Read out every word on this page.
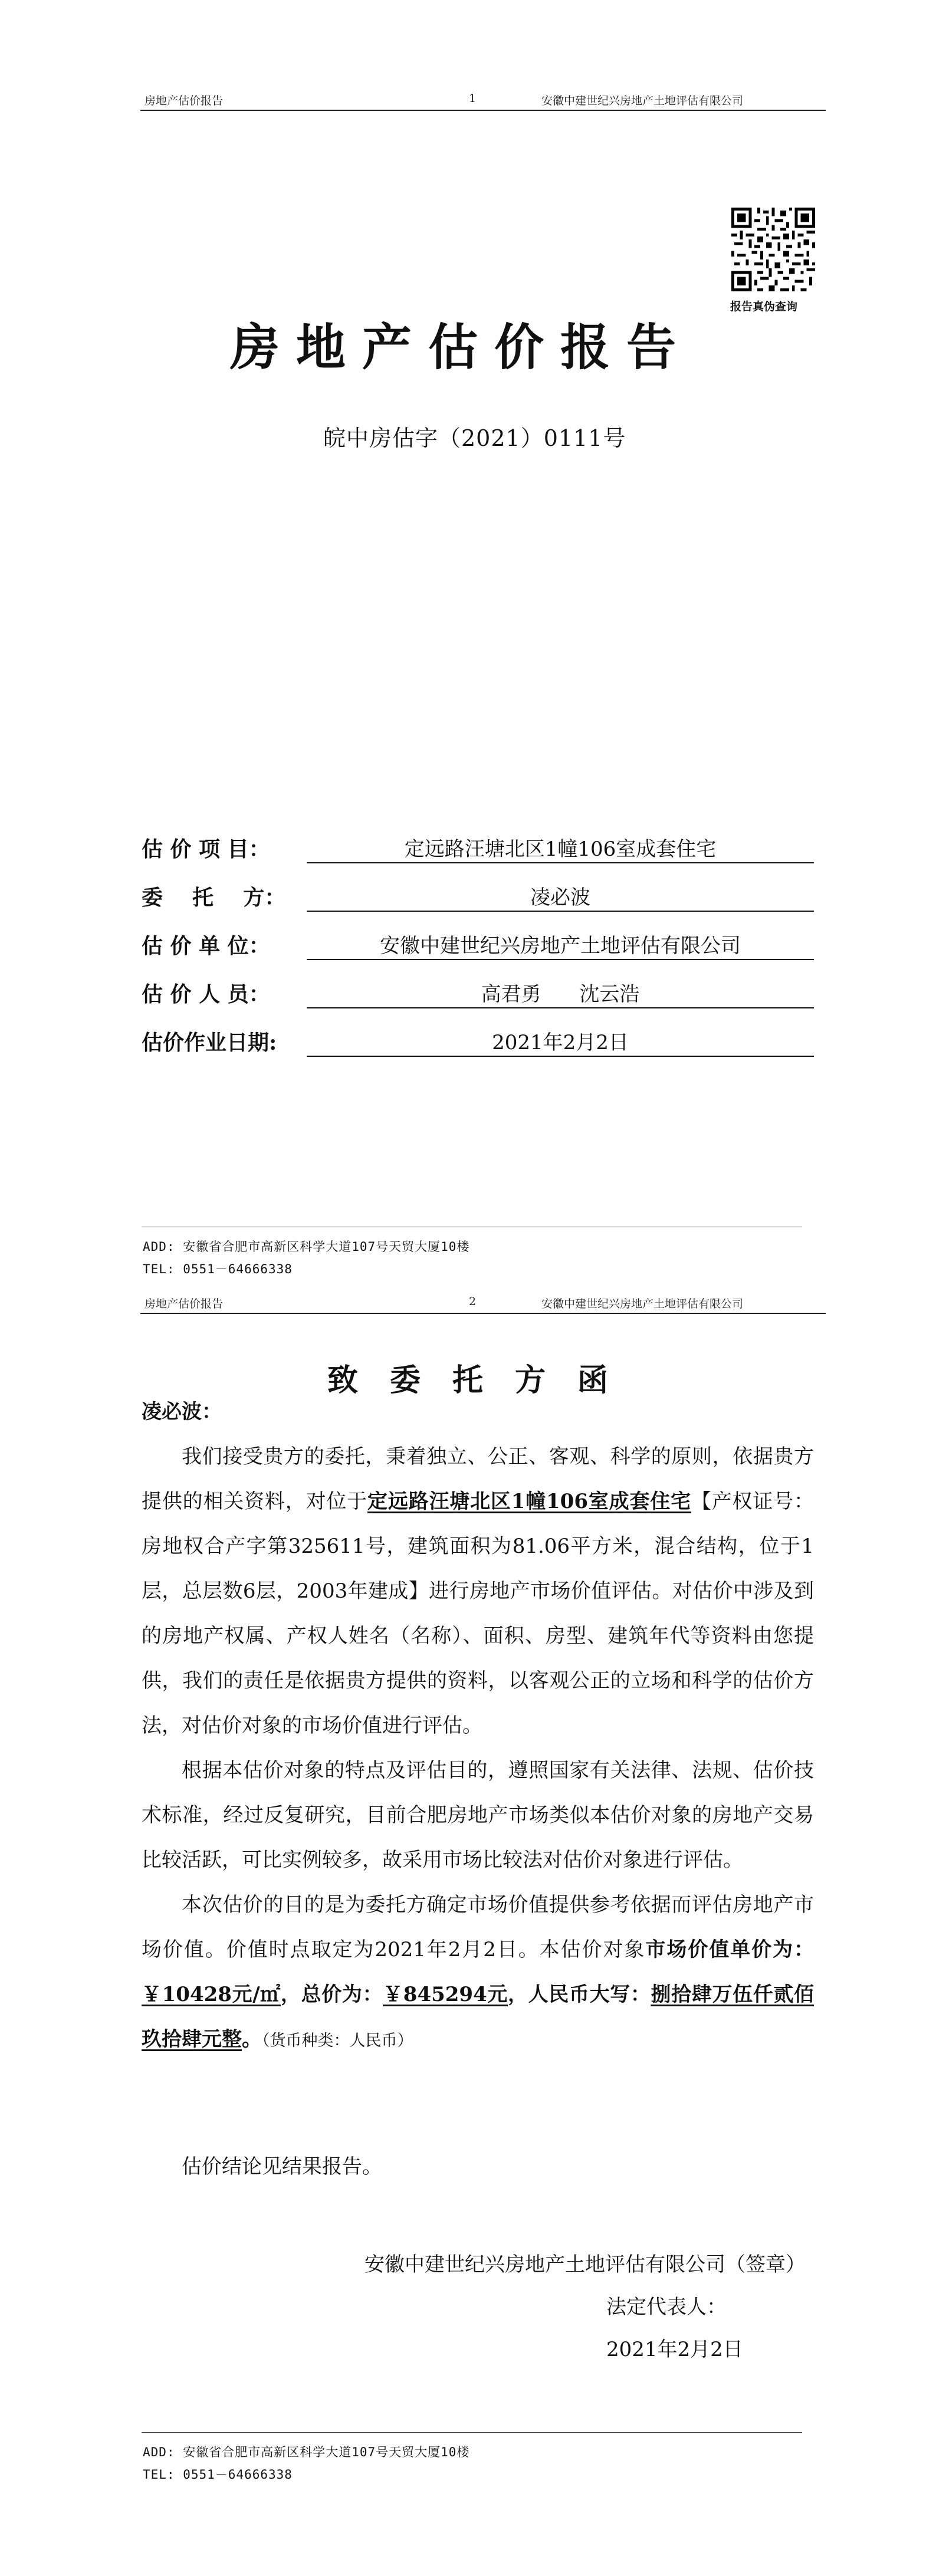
房地产估价报告	1	安徽中建世纪兴房地产土地评估有限公司
报告真伪查询
房地产估价报告
皖中房估字（2021）0111号
估 价 项 目：	定远路汪塘北区1幢106室成套住宅
委    托    方：	凌必波
估 价 单 位：	安徽中建世纪兴房地产土地评估有限公司
估 价 人 员：	高君勇      沈云浩
估价作业日期:	2021年2月2日
ADD: 安徽省合肥市高新区科学大道107号天贸大厦10楼
TEL: 0551－64666338
房地产估价报告	2	安徽中建世纪兴房地产土地评估有限公司
致委托方函
凌必波：

我们接受贵方的委托，秉着独立、公正、客观、科学的原则，依据贵方提供的相关资料，对位于定远路汪塘北区1幢106室成套住宅【产权证号：房地权合产字第325611号，建筑面积为81.06平方米，混合结构，位于1层，总层数6层，2003年建成】进行房地产市场价值评估。对估价中涉及到的房地产权属、产权人姓名（名称）、面积、房型、建筑年代等资料由您提供，我们的责任是依据贵方提供的资料，以客观公正的立场和科学的估价方法，对估价对象的市场价值进行评估。

根据本估价对象的特点及评估目的，遵照国家有关法律、法规、估价技术标准，经过反复研究，目前合肥房地产市场类似本估价对象的房地产交易比较活跃，可比实例较多，故采用市场比较法对估价对象进行评估。

本次估价的目的是为委托方确定市场价值提供参考依据而评估房地产市场价值。价值时点取定为2021年2月2日。本估价对象市场价值单价为：￥10428元/㎡，总价为：￥845294元，人民币大写：捌拾肆万伍仟贰佰玖拾肆元整。（货币种类：人民币）

估价结论见结果报告。
安徽中建世纪兴房地产土地评估有限公司（签章）
法定代表人：
2021年2月2日
ADD: 安徽省合肥市高新区科学大道107号天贸大厦10楼
TEL: 0551－64666338
